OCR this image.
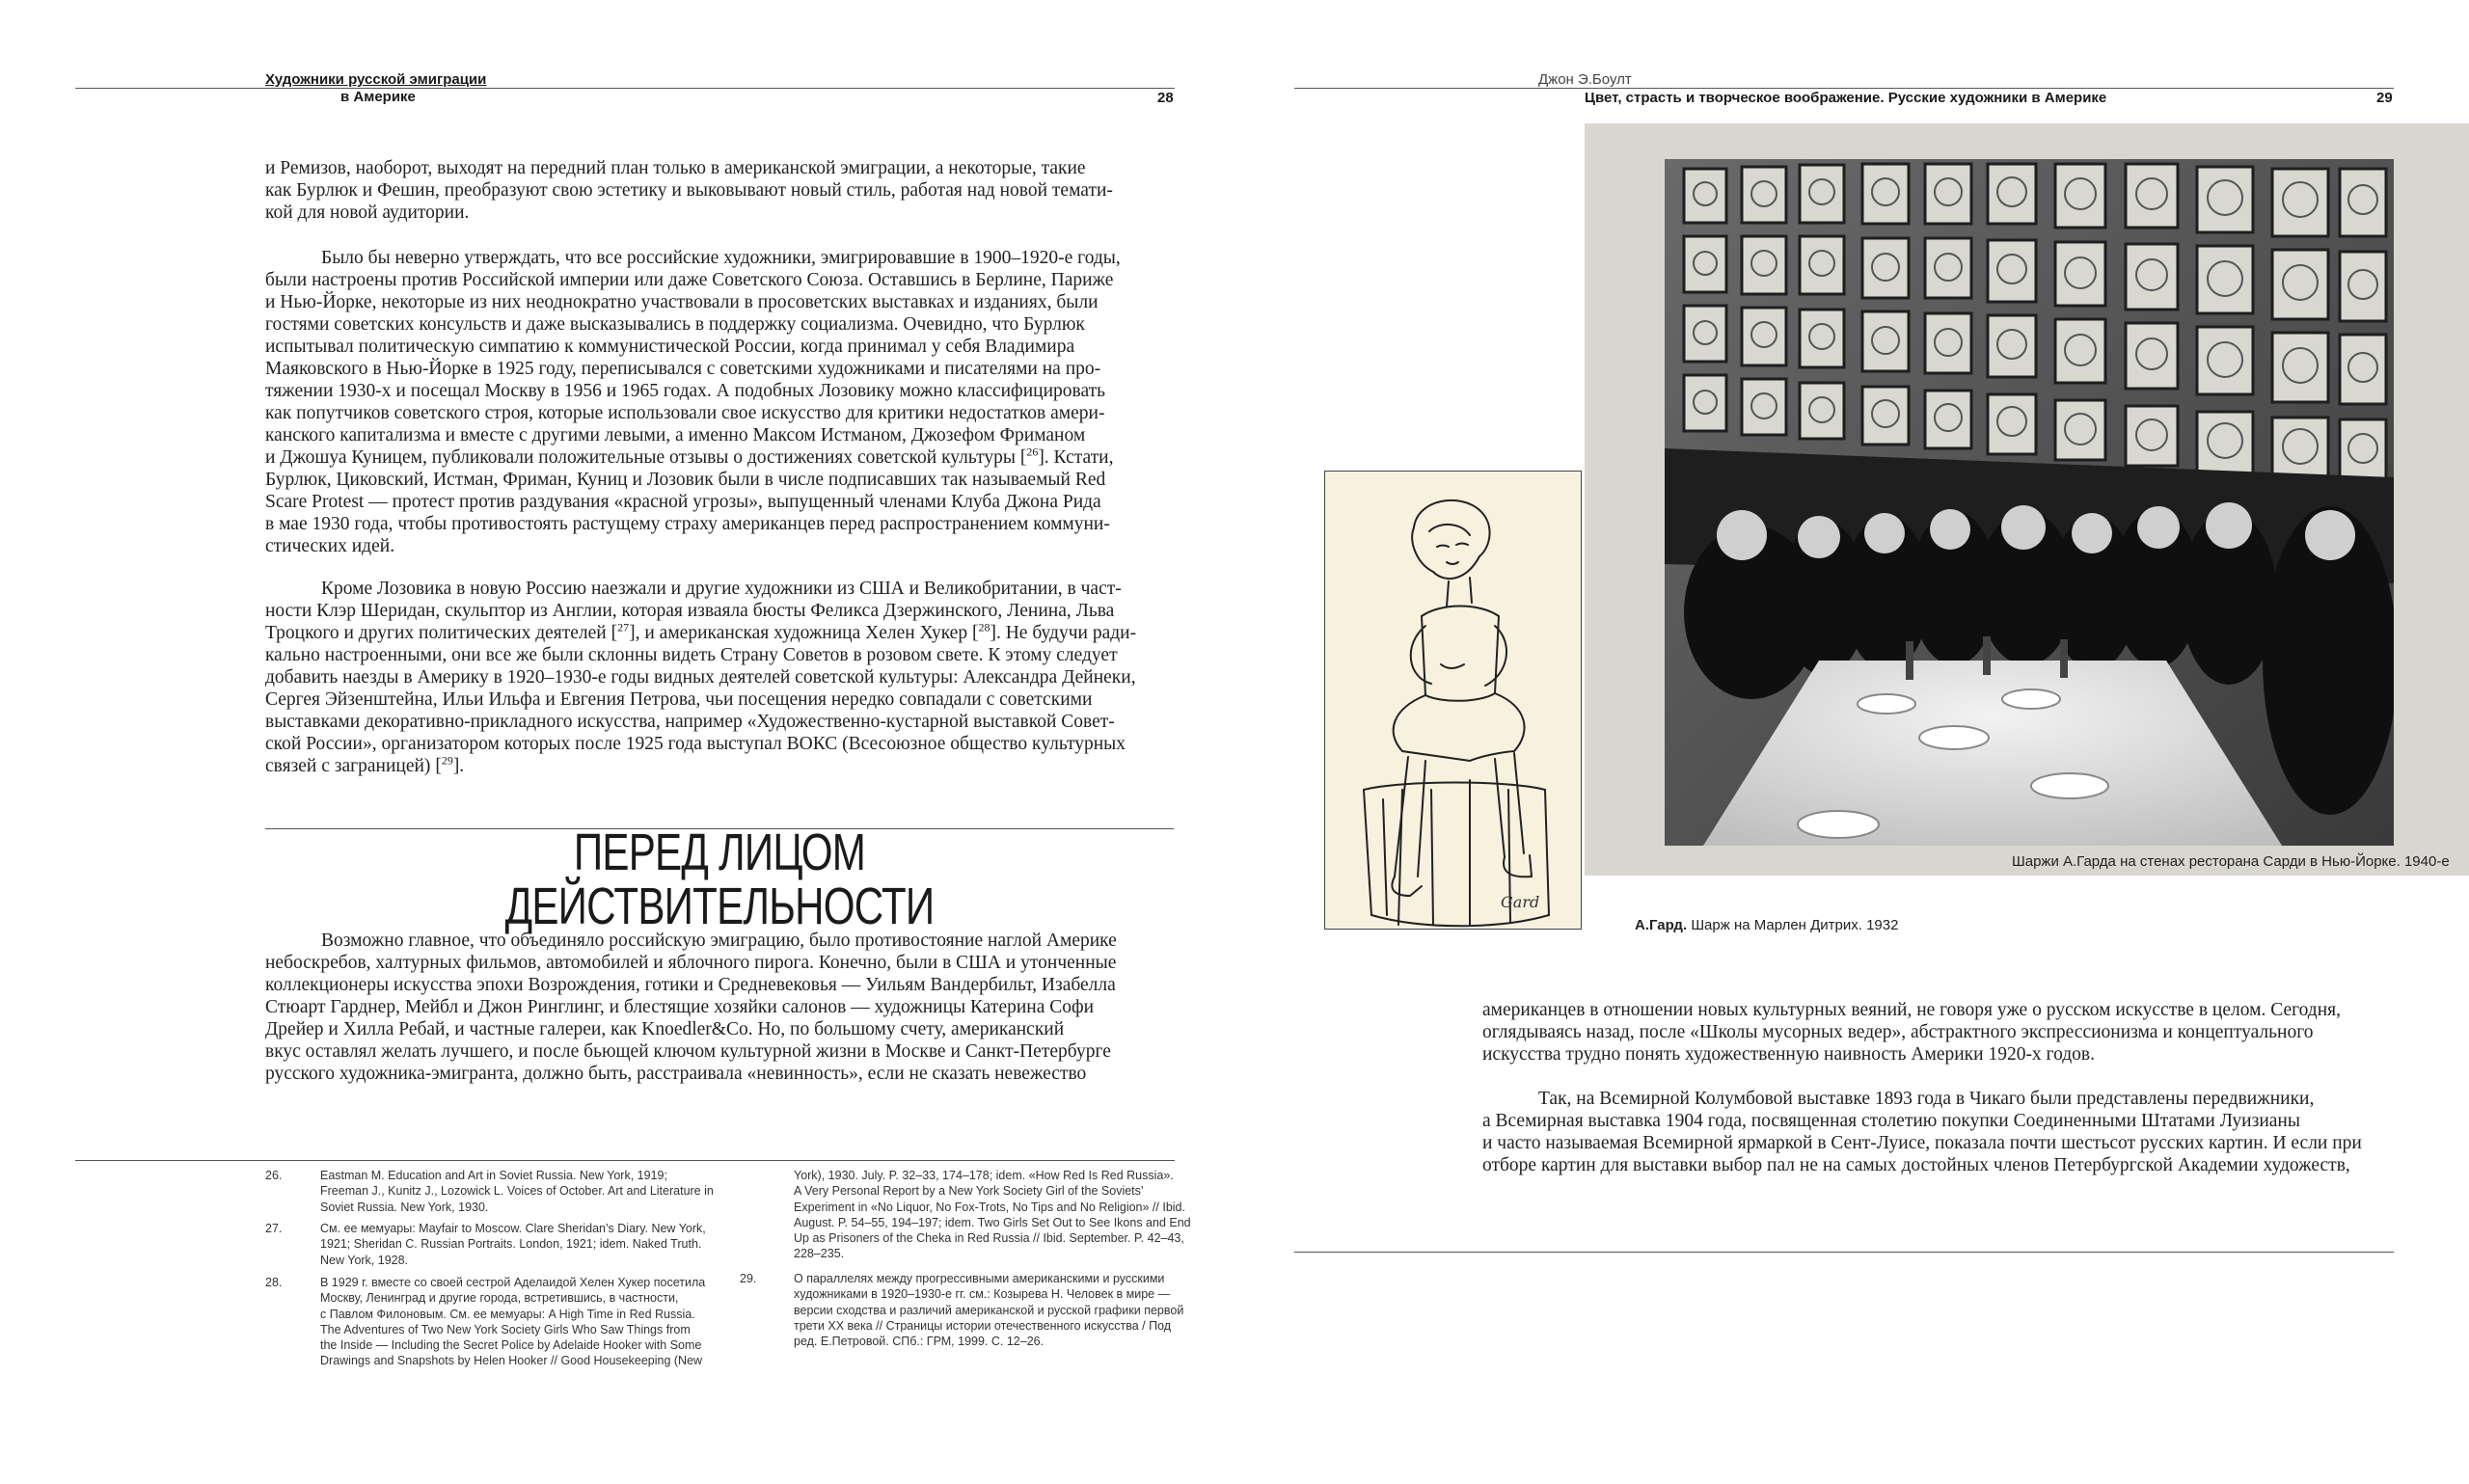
Художники русской эмиграции
в Америке	28
и Ремизов, наоборот, выходят на передний план только в американской эмиграции, а некоторые, такие
как Бурлюк и Фешин, преобразуют свою эстетику и выковывают новый стиль, работая над новой темати-
кой для новой аудитории.
Было бы неверно утверждать, что все российские художники, эмигрировавшие в 1900–1920-е годы,
были настроены против Российской империи или даже Советского Союза. Оставшись в Берлине, Париже
и Нью-Йорке, некоторые из них неоднократно участвовали в просоветских выставках и изданиях, были
гостями советских консульств и даже высказывались в поддержку социализма. Очевидно, что Бурлюк
испытывал политическую симпатию к коммунистической России, когда принимал у себя Владимира
Маяковского в Нью-Йорке в 1925 году, переписывался с советскими художниками и писателями на про-
тяжении 1930-х и посещал Москву в 1956 и 1965 годах. А подобных Лозовику можно классифицировать
как попутчиков советского строя, которые использовали свое искусство для критики недостатков амери-
канского капитализма и вместе с другими левыми, а именно Максом Истманом, Джозефом Фриманом
и Джошуа Куницем, публиковали положительные отзывы о достижениях советской культуры [$^{26}$]. Кстати,
Бурлюк, Циковский, Истман, Фриман, Куниц и Лозовик были в числе подписавших так называемый Red
Scare Protest — протест против раздувания «красной угрозы», выпущенный членами Клуба Джона Рида
в мае 1930 года, чтобы противостоять растущему страху американцев перед распространением коммуни-
стических идей.
Кроме Лозовика в новую Россию наезжали и другие художники из США и Великобритании, в част-
ности Клэр Шеридан, скульптор из Англии, которая изваяла бюсты Феликса Дзержинского, Ленина, Льва
Троцкого и других политических деятелей [$^{27}$], и американская художница Хелен Хукер [$^{28}$]. Не будучи ради-
кально настроенными, они все же были склонны видеть Страну Советов в розовом свете. К этому следует
добавить наезды в Америку в 1920–1930-е годы видных деятелей советской культуры: Александра Дейнеки,
Сергея Эйзенштейна, Ильи Ильфа и Евгения Петрова, чьи посещения нередко совпадали с советскими
выставками декоративно-прикладного искусства, например «Художественно-кустарной выставкой Совет-
ской России», организатором которых после 1925 года выступал ВОКС (Всесоюзное общество культурных
связей с заграницей) [$^{29}$].
ПЕРЕД ЛИЦОМ ДЕЙСТВИТЕЛЬНОСТИ
Возможно главное, что объединяло российскую эмиграцию, было противостояние наглой Америке
небоскребов, халтурных фильмов, автомобилей и яблочного пирога. Конечно, были в США и утонченные
коллекционеры искусства эпохи Возрождения, готики и Средневековья — Уильям Вандербильт, Изабелла
Стюарт Гарднер, Мейбл и Джон Ринглинг, и блестящие хозяйки салонов — художницы Катерина Софи
Дрейер и Хилла Ребай, и частные галереи, как Knoedler&Co. Но, по большому счету, американский
вкус оставлял желать лучшего, и после бьющей ключом культурной жизни в Москве и Санкт-Петербурге
русского художника-эмигранта, должно быть, расстраивала «невинность», если не сказать невежество
26.	Eastman M. Education and Art in Soviet Russia. New York, 1919;
Freeman J., Kunitz J., Lozowick L. Voices of October. Art and Literature in
Soviet Russia. New York, 1930.
27.	См. ее мемуары: Mayfair to Moscow. Clare Sheridan’s Diary. New York,
1921; Sheridan C. Russian Portraits. London, 1921; idem. Naked Truth.
New York, 1928.
28.	В 1929 г. вместе со своей сестрой Аделаидой Хелен Хукер посетила
Москву, Ленинград и другие города, встретившись, в частности,
с Павлом Филоновым. См. ее мемуары: A High Time in Red Russia.
The Adventures of Two New York Society Girls Who Saw Things from
the Inside — Including the Secret Police by Adelaide Hooker with Some
Drawings and Snapshots by Helen Hooker // Good Housekeeping (New
York), 1930. July. P. 32–33, 174–178; idem. «How Red Is Red Russia».
A Very Personal Report by a New York Society Girl of the Soviets’
Experiment in «No Liquor, No Fox-Trots, No Tips and No Religion» // Ibid.
August. P. 54–55, 194–197; idem. Two Girls Set Out to See Ikons and End
Up as Prisoners of the Cheka in Red Russia // Ibid. September. P. 42–43,
228–235.
29.	О параллелях между прогрессивными американскими и русскими
художниками в 1920–1930-е гг. см.: Козырева Н. Человек в мире —
версии сходства и различий американской и русской графики первой
трети XX века // Страницы истории отечественного искусства / Под
ред. Е.Петровой. СПб.: ГРМ, 1999. С. 12–26.
Джон Э.Боулт
Цвет, страсть и творческое воображение. Русские художники в Америке	29
Шаржи А.Гарда на стенах ресторана Сарди в Нью-Йорке. 1940-е
Gard
А.Гард. Шарж на Марлен Дитрих. 1932
американцев в отношении новых культурных веяний, не говоря уже о русском искусстве в целом. Сегодня,
оглядываясь назад, после «Школы мусорных ведер», абстрактного экспрессионизма и концептуального
искусства трудно понять художественную наивность Америки 1920-х годов.
Так, на Всемирной Колумбовой выставке 1893 года в Чикаго были представлены передвижники,
а Всемирная выставка 1904 года, посвященная столетию покупки Соединенными Штатами Луизианы
и часто называемая Всемирной ярмаркой в Сент-Луисе, показала почти шестьсот русских картин. И если при
отборе картин для выставки выбор пал не на самых достойных членов Петербургской Академии художеств,
